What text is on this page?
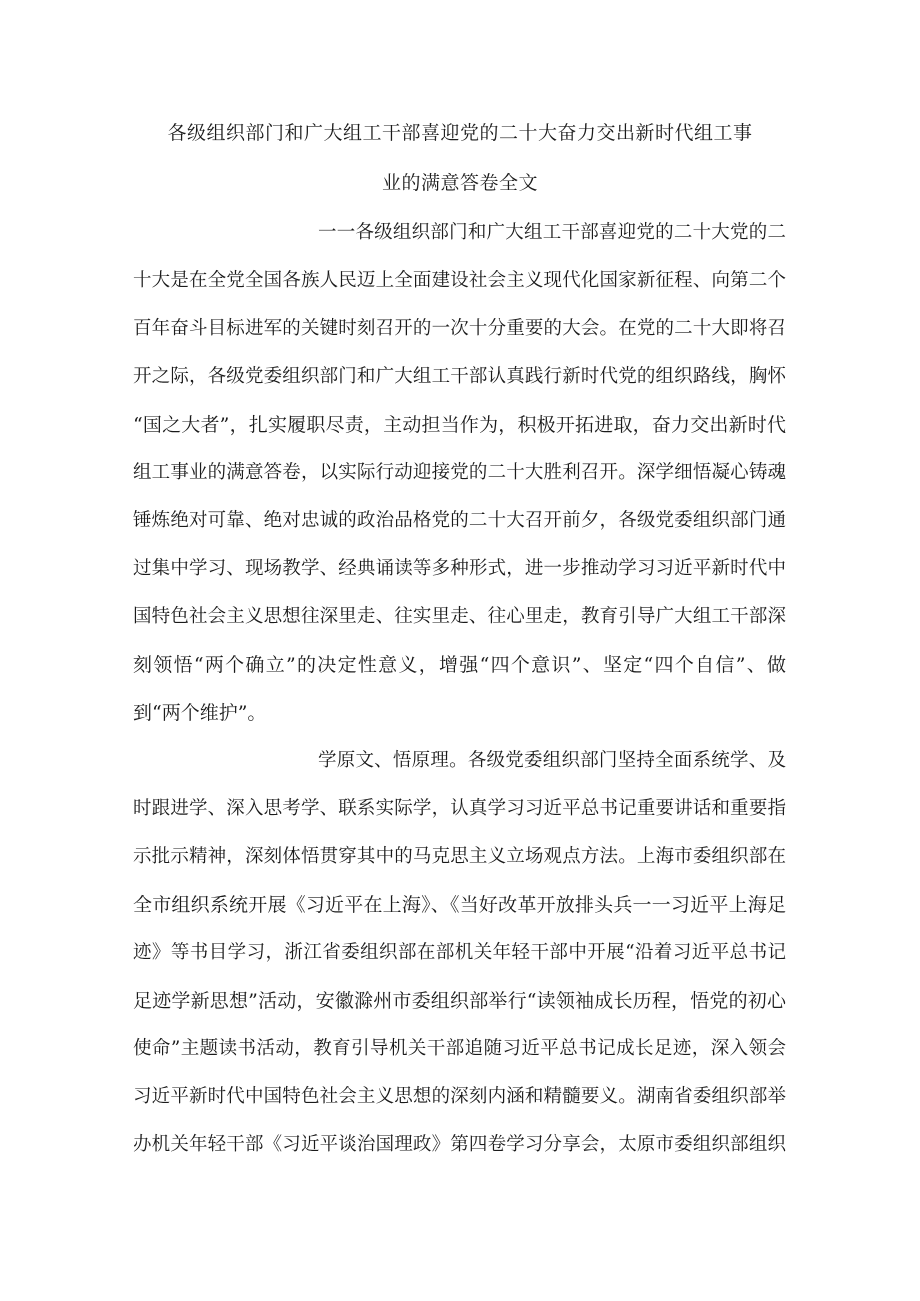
各级组织部门和广大组工干部喜迎党的二十大奋力交出新时代组工事
业的满意答卷全文

一一各级组织部门和广大组工干部喜迎党的二十大党的二

十大是在全党全国各族人民迈上全面建设社会主义现代化国家新征程、向第二个

百年奋斗目标进军的关键时刻召开的一次十分重要的大会。在党的二十大即将召

开之际，各级党委组织部门和广大组工干部认真践行新时代党的组织路线，胸怀

“国之大者”，扎实履职尽责，主动担当作为，积极开拓进取，奋力交出新时代

组工事业的满意答卷，以实际行动迎接党的二十大胜利召开。深学细悟凝心铸魂

锤炼绝对可靠、绝对忠诚的政治品格党的二十大召开前夕，各级党委组织部门通

过集中学习、现场教学、经典诵读等多种形式，进一步推动学习习近平新时代中

国特色社会主义思想往深里走、往实里走、往心里走，教育引导广大组工干部深

刻领悟“两个确立”的决定性意义，增强“四个意识”、坚定“四个自信”、做

到“两个维护”。

学原文、悟原理。各级党委组织部门坚持全面系统学、及

时跟进学、深入思考学、联系实际学，认真学习习近平总书记重要讲话和重要指

示批示精神，深刻体悟贯穿其中的马克思主义立场观点方法。上海市委组织部在

全市组织系统开展《习近平在上海》、《当好改革开放排头兵一一习近平上海足

迹》等书目学习，浙江省委组织部在部机关年轻干部中开展“沿着习近平总书记

足迹学新思想”活动，安徽滁州市委组织部举行“读领袖成长历程，悟党的初心

使命”主题读书活动，教育引导机关干部追随习近平总书记成长足迹，深入领会

习近平新时代中国特色社会主义思想的深刻内涵和精髓要义。湖南省委组织部举

办机关年轻干部《习近平谈治国理政》第四卷学习分享会，太原市委组织部组织
